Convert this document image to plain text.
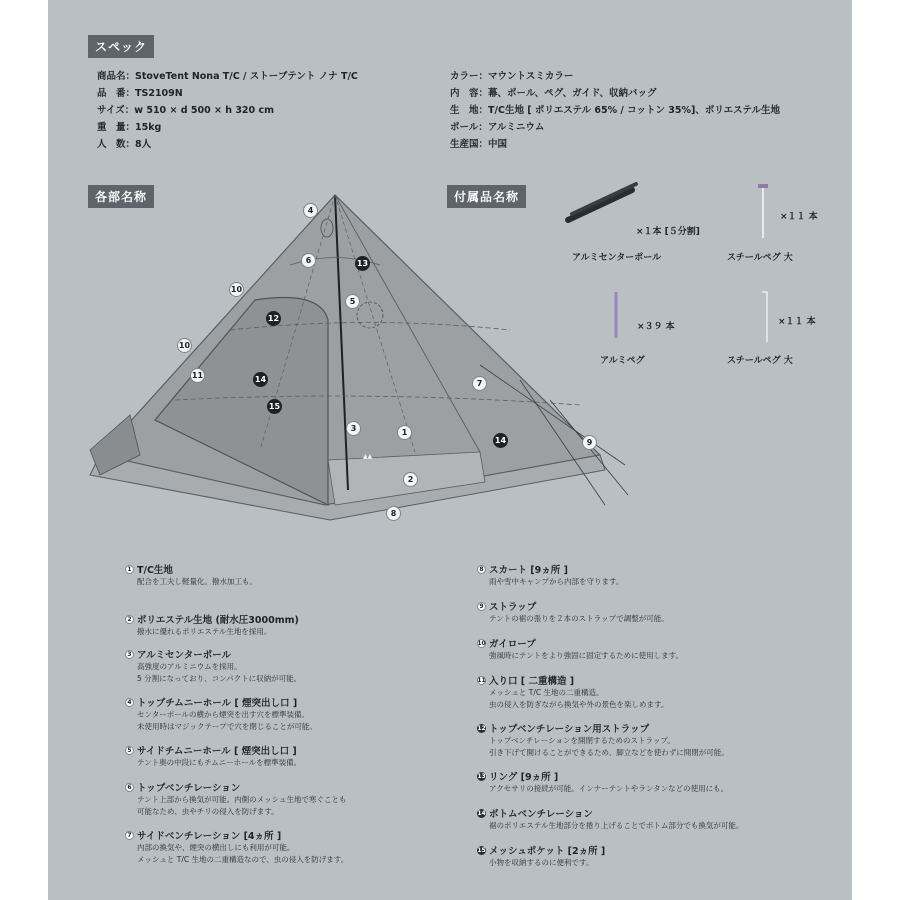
スペック
各部名称	付属品名称
商品名： StoveTent Nona T/C / ストーブテント ノナ T/C
品　番： TS2109N
サイズ： w 510 × d 500 × h 320 cm
重　量： 15kg
人　数： 8人
カラー： マウントスミカラー
内　容： 幕、ポール、ペグ、ガイド、収納バッグ
生　地： T/C生地 [ ポリエステル 65% / コットン 35%]、ポリエステル生地
ポール： アルミニウム
生産国： 中国
▲▲
4
6	13
10
5
12
10
11	14
15
7
3	1
14	9
2
8
×１本 [５分割]
アルミセンターポール
×１１ 本
スチールペグ 大
×３９ 本
アルミペグ
×１１ 本
スチールペグ 大
1 T/C生地
配合を工夫し軽量化。撥水加工も。
2 ポリエステル生地 (耐水圧3000mm)
撥水に優れるポリエステル生地を採用。
3 アルミセンターポール
高強度のアルミニウムを採用。
5 分割になっており、コンパクトに収納が可能。
4 トップチムニーホール [ 煙突出し口 ]
センターポールの横から煙突を出す穴を標準装備。
未使用時はマジックテープで穴を閉じることが可能。
5 サイドチムニーホール [ 煙突出し口 ]
テント奥の中段にもチムニーホールを標準装備。
6 トップベンチレーション
テント上部から換気が可能。内側のメッシュ生地で寒ぐことも
可能なため、虫やチリの侵入を防げます。
7 サイドベンチレーション [4ヵ所 ]
内部の換気や、煙突の横出しにも利用が可能。
メッシュと T/C 生地の二重構造なので、虫の侵入を防げます。
8 スカート [9ヵ所 ]
雨や雪中キャンプから内部を守ります。
9 ストラップ
テントの裾の張りを２本のストラップで調整が可能。
10 ガイロープ
強風時にテントをより強固に固定するために使用します。
11 入り口 [ 二重構造 ]
メッシュと T/C 生地の二重構造。
虫の侵入を防ぎながら換気や外の景色を楽しめます。
12 トップベンチレーション用ストラップ
トップベンチレーションを開閉するためのストラップ。
引き下げて開けることができるため、脚立などを使わずに開閉が可能。
13 リング [9ヵ所 ]
アクセサリの接続が可能。インナーテントやランタンなどの使用にも。
14 ボトムベンチレーション
裾のポリエステル生地部分を捲り上げることでボトム部分でも換気が可能。
15 メッシュポケット [2ヵ所 ]
小物を収納するのに便利です。
